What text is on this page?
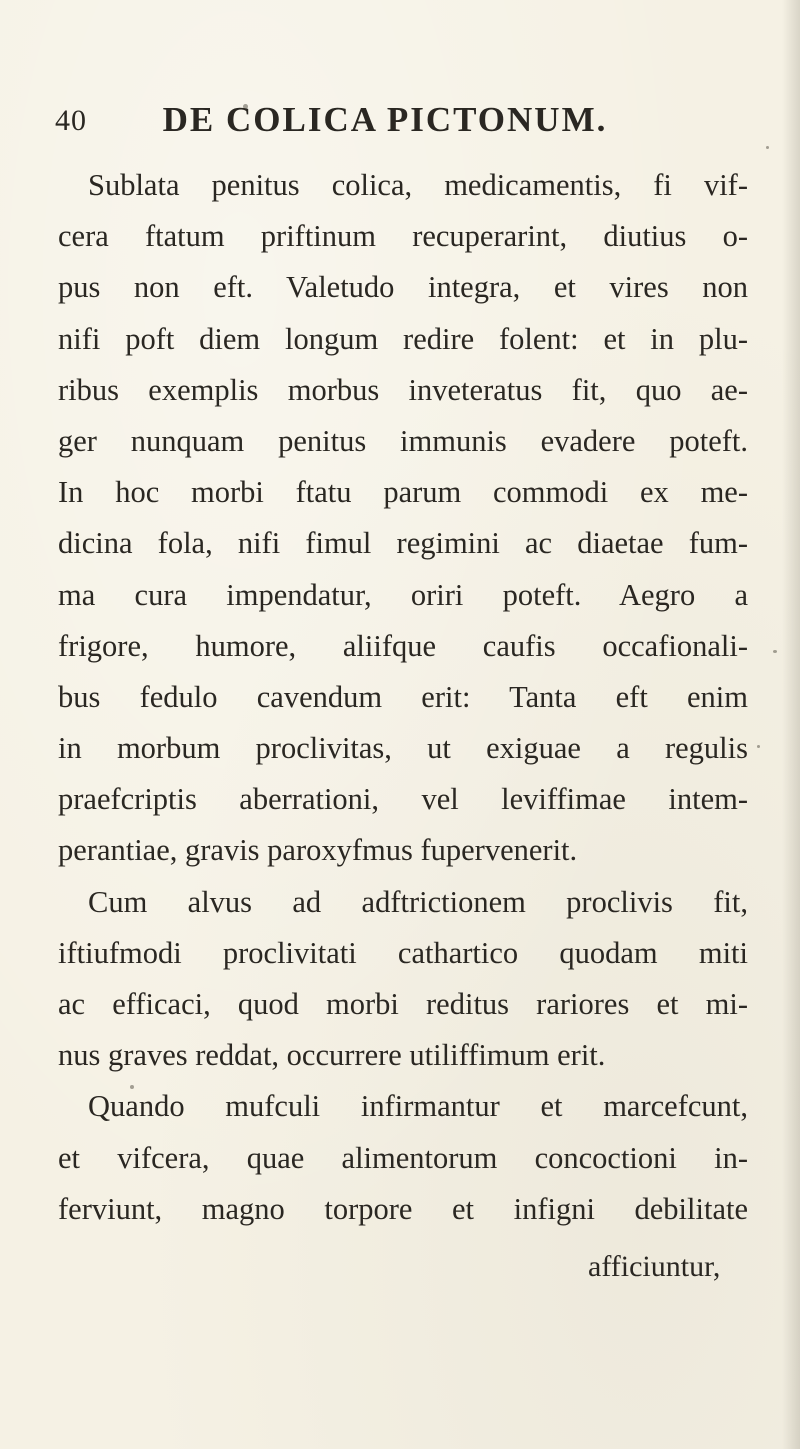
40	DE COLICA PICTONUM.
Sublata penitus colica, medicamentis, fi vif-
cera ftatum priftinum recuperarint, diutius o-
pus non eft. Valetudo integra, et vires non
nifi poft diem longum redire folent: et in plu-
ribus exemplis morbus inveteratus fit, quo ae-
ger nunquam penitus immunis evadere poteft.
In hoc morbi ftatu parum commodi ex me-
dicina fola, nifi fimul regimini ac diaetae fum-
ma cura impendatur, oriri poteft. Aegro a
frigore, humore, aliifque caufis occafionali-
bus fedulo cavendum erit: Tanta eft enim
in morbum proclivitas, ut exiguae a regulis
praefcriptis aberrationi, vel leviffimae intem-
perantiae, gravis paroxyfmus fupervenerit.
Cum alvus ad adftrictionem proclivis fit,
iftiufmodi proclivitati cathartico quodam miti
ac efficaci, quod morbi reditus rariores et mi-
nus graves reddat, occurrere utiliffimum erit.
Quando mufculi infirmantur et marcefcunt,
et vifcera, quae alimentorum concoctioni in-
ferviunt, magno torpore et infigni debilitate
afficiuntur,
